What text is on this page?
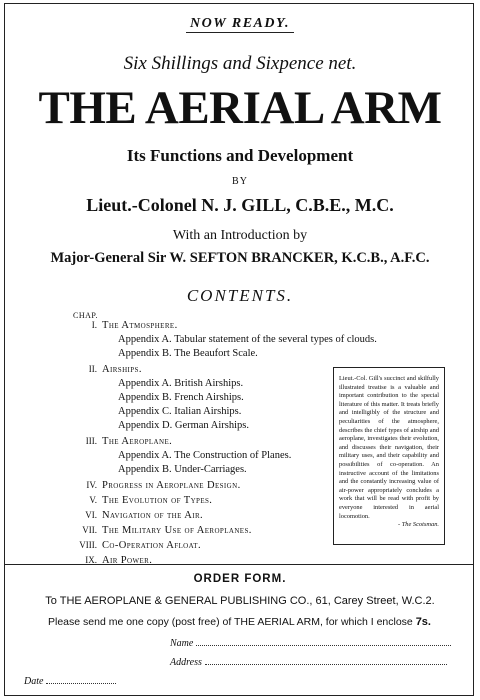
NOW READY.
Six Shillings and Sixpence net.
THE AERIAL ARM
Its Functions and Development
BY
Lieut.-Colonel N. J. GILL, C.B.E., M.C.
With an Introduction by
Major-General Sir W. SEFTON BRANCKER, K.C.B., A.F.C.
CONTENTS.
CHAP.
I. The Atmosphere.
Appendix A. Tabular statement of the several types of clouds.
Appendix B. The Beaufort Scale.
II. Airships.
Appendix A. British Airships.
Appendix B. French Airships.
Appendix C. Italian Airships.
Appendix D. German Airships.
III. The Aeroplane.
Appendix A. The Construction of Planes.
Appendix B. Under-Carriages.
IV. Progress in Aeroplane Design.
V. The Evolution of Types.
VI. Navigation of the Air.
VII. The Military Use of Aeroplanes.
VIII. Co-Operation Afloat.
IX. Air Power.
Lieut.-Col. Gill's succinct and skilfully illustrated treatise is a valuable and important contribution to the special literature of this matter. It treats briefly and intelligibly of the structure and peculiarities of the atmosphere, describes the chief types of airship and aeroplane, investigates their evolution, and discusses their navigation, their military uses, and their capability and possibilities of co-operation. An instructive account of the limitations and the constantly increasing value of air-power appropriately concludes a work that will be read with profit by everyone interested in aerial locomotion.
- The Scotsman.
ORDER FORM.
To THE AEROPLANE & GENERAL PUBLISHING CO., 61, Carey Street, W.C.2.
Please send me one copy (post free) of THE AERIAL ARM, for which I enclose 7s.
Name
Address
Date
